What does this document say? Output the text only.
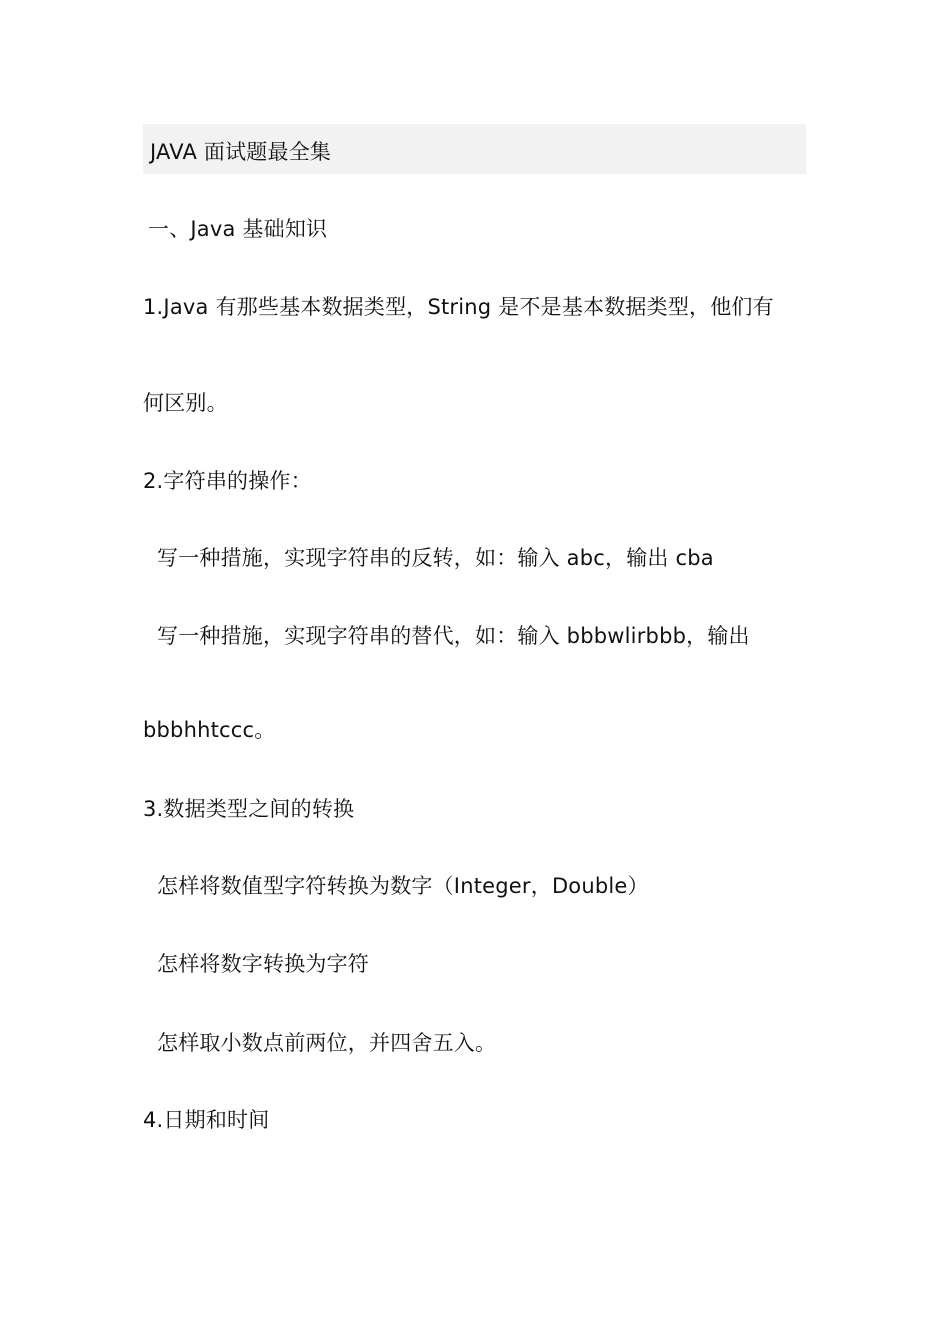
JAVA 面试题最全集
一、Java 基础知识
1.Java 有那些基本数据类型，String 是不是基本数据类型，他们有
何区别。
2.字符串的操作：
写一种措施，实现字符串的反转，如：输入 abc，输出 cba
写一种措施，实现字符串的替代，如：输入 bbbwlirbbb，输出
bbbhhtccc。
3.数据类型之间的转换
怎样将数值型字符转换为数字（Integer，Double）
怎样将数字转换为字符
怎样取小数点前两位，并四舍五入。
4.日期和时间
